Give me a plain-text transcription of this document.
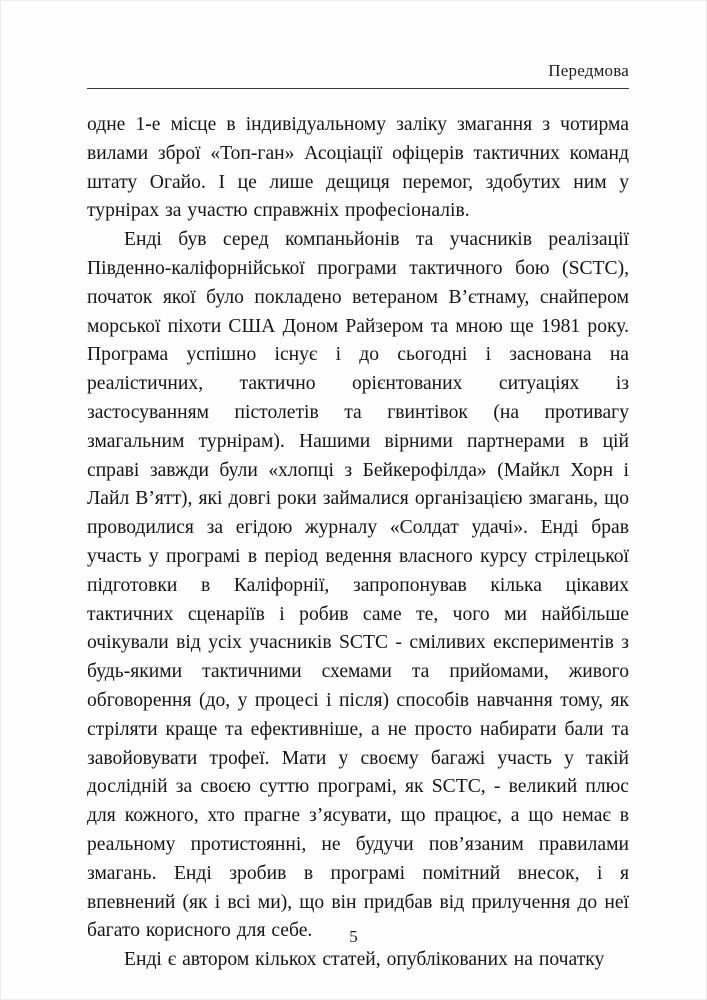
Передмова

одне 1-е місце в індивідуальному заліку змагання з чотирма вилами зброї «Топ-ган» Асоціації офіцерів тактичних команд штату Огайо. І це лише дещиця перемог, здобутих ним у турнірах за участю справжніх професіоналів.

Енді був серед компаньйонів та учасників реалізації Південно-каліфорнійської програми тактичного бою (SCTC), початок якої було покладено ветераном В’єтнаму, снайпером морської піхоти США Доном Райзером та мною ще 1981 року. Програма успішно існує і до сьогодні і заснована на реалістичних, тактично орієнтованих ситуаціях із застосуванням пістолетів та гвинтівок (на противагу змагальним турнірам). Нашими вірними партнерами в цій справі завжди були «хлопці з Бейкерофілда» (Майкл Хорн і Лайл В’ятт), які довгі роки займалися організацією змагань, що проводилися за егідою журналу «Солдат удачі». Енді брав участь у програмі в період ведення власного курсу стрілецької підготовки в Каліфорнії, запропонував кілька цікавих тактичних сценаріїв і робив саме те, чого ми найбільше очікували від усіх учасників SCTC - сміливих експериментів з будь-якими тактичними схемами та прийомами, живого обговорення (до, у процесі і після) способів навчання тому, як стріляти краще та ефективніше, а не просто набирати бали та завойовувати трофеї. Мати у своєму багажі участь у такій дослідній за своєю суттю програмі, як SCTC, - великий плюс для кожного, хто прагне з’ясувати, що працює, а що немає в реальному протистоянні, не будучи пов’язаним правилами змагань. Енді зробив в програмі помітний внесок, і я впевнений (як і всі ми), що він придбав від прилучення до неї багато корисного для себе.

Енді є автором кількох статей, опублікованих на початку

5
